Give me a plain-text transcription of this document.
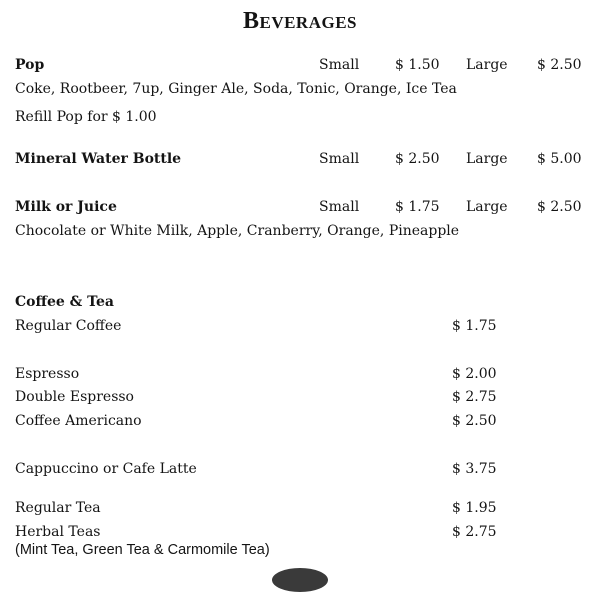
Beverages
Pop	Small	$ 1.50 Large $ 2.50
Coke, Rootbeer, 7up, Ginger Ale, Soda, Tonic, Orange, Ice Tea
Refill Pop for $ 1.00
Mineral Water Bottle	Small	$ 2.50 Large $ 5.00
Milk or Juice	Small	$ 1.75 Large $ 2.50
Chocolate or White Milk, Apple, Cranberry, Orange, Pineapple
Coffee & Tea
Regular Coffee	$ 1.75
Espresso	$ 2.00
Double Espresso	$ 2.75
Coffee Americano	$ 2.50
Cappuccino or Cafe Latte	$ 3.75
Regular Tea	$ 1.95
Herbal Teas	$ 2.75
(Mint Tea, Green Tea & Carmomile Tea)
